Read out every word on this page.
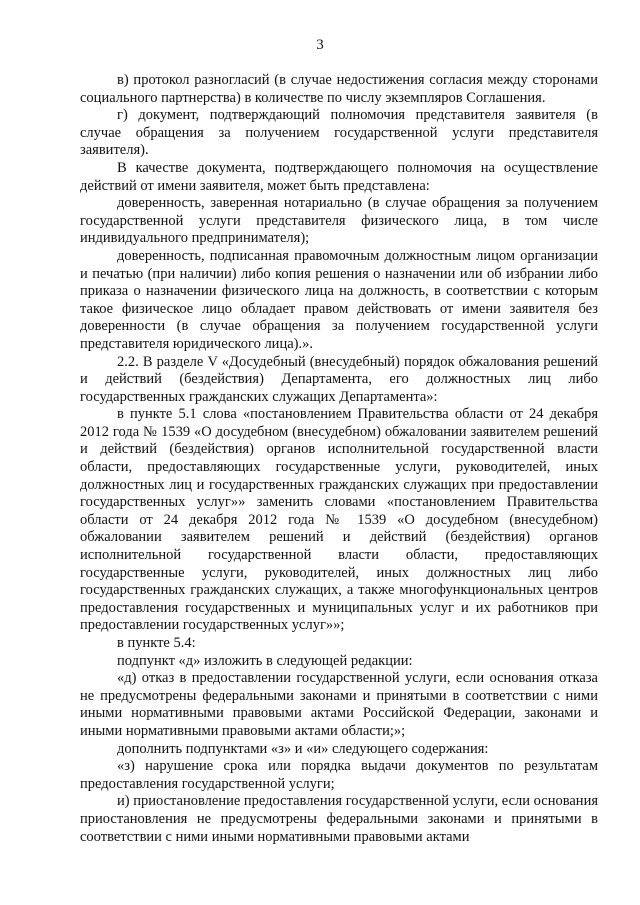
3

в) протокол разногласий (в случае недостижения согласия между сторонами социального партнерства) в количестве по числу экземпляров Соглашения.

г) документ, подтверждающий полномочия представителя заявителя (в случае обращения за получением государственной услуги представителя заявителя).

В качестве документа, подтверждающего полномочия на осуществление действий от имени заявителя, может быть представлена:

доверенность, заверенная нотариально (в случае обращения за получением государственной услуги представителя физического лица, в том числе индивидуального предпринимателя);

доверенность, подписанная правомочным должностным лицом организации и печатью (при наличии) либо копия решения о назначении или об избрании либо приказа о назначении физического лица на должность, в соответствии с которым такое физическое лицо обладает правом действовать от имени заявителя без доверенности (в случае обращения за получением государственной услуги представителя юридического лица).».

2.2. В разделе V «Досудебный (внесудебный) порядок обжалования решений и действий (бездействия) Департамента, его должностных лиц либо государственных гражданских служащих Департамента»:

в пункте 5.1 слова «постановлением Правительства области от 24 декабря 2012 года № 1539 «О досудебном (внесудебном) обжаловании заявителем решений и действий (бездействия) органов исполнительной государственной власти области, предоставляющих государственные услуги, руководителей, иных должностных лиц и государственных гражданских служащих при предоставлении государственных услуг»» заменить словами «постановлением Правительства области от 24 декабря 2012 года № 1539 «О досудебном (внесудебном) обжаловании заявителем решений и действий (бездействия) органов исполнительной государственной власти области, предоставляющих государственные услуги, руководителей, иных должностных лиц либо государственных гражданских служащих, а также многофункциональных центров предоставления государственных и муниципальных услуг и их работников при предоставлении государственных услуг»»;

в пункте 5.4:

подпункт «д» изложить в следующей редакции:

«д) отказ в предоставлении государственной услуги, если основания отказа не предусмотрены федеральными законами и принятыми в соответствии с ними иными нормативными правовыми актами Российской Федерации, законами и иными нормативными правовыми актами области;»;

дополнить подпунктами «з» и «и» следующего содержания:

«з) нарушение срока или порядка выдачи документов по результатам предоставления государственной услуги;

и) приостановление предоставления государственной услуги, если основания приостановления не предусмотрены федеральными законами и принятыми в соответствии с ними иными нормативными правовыми актами
